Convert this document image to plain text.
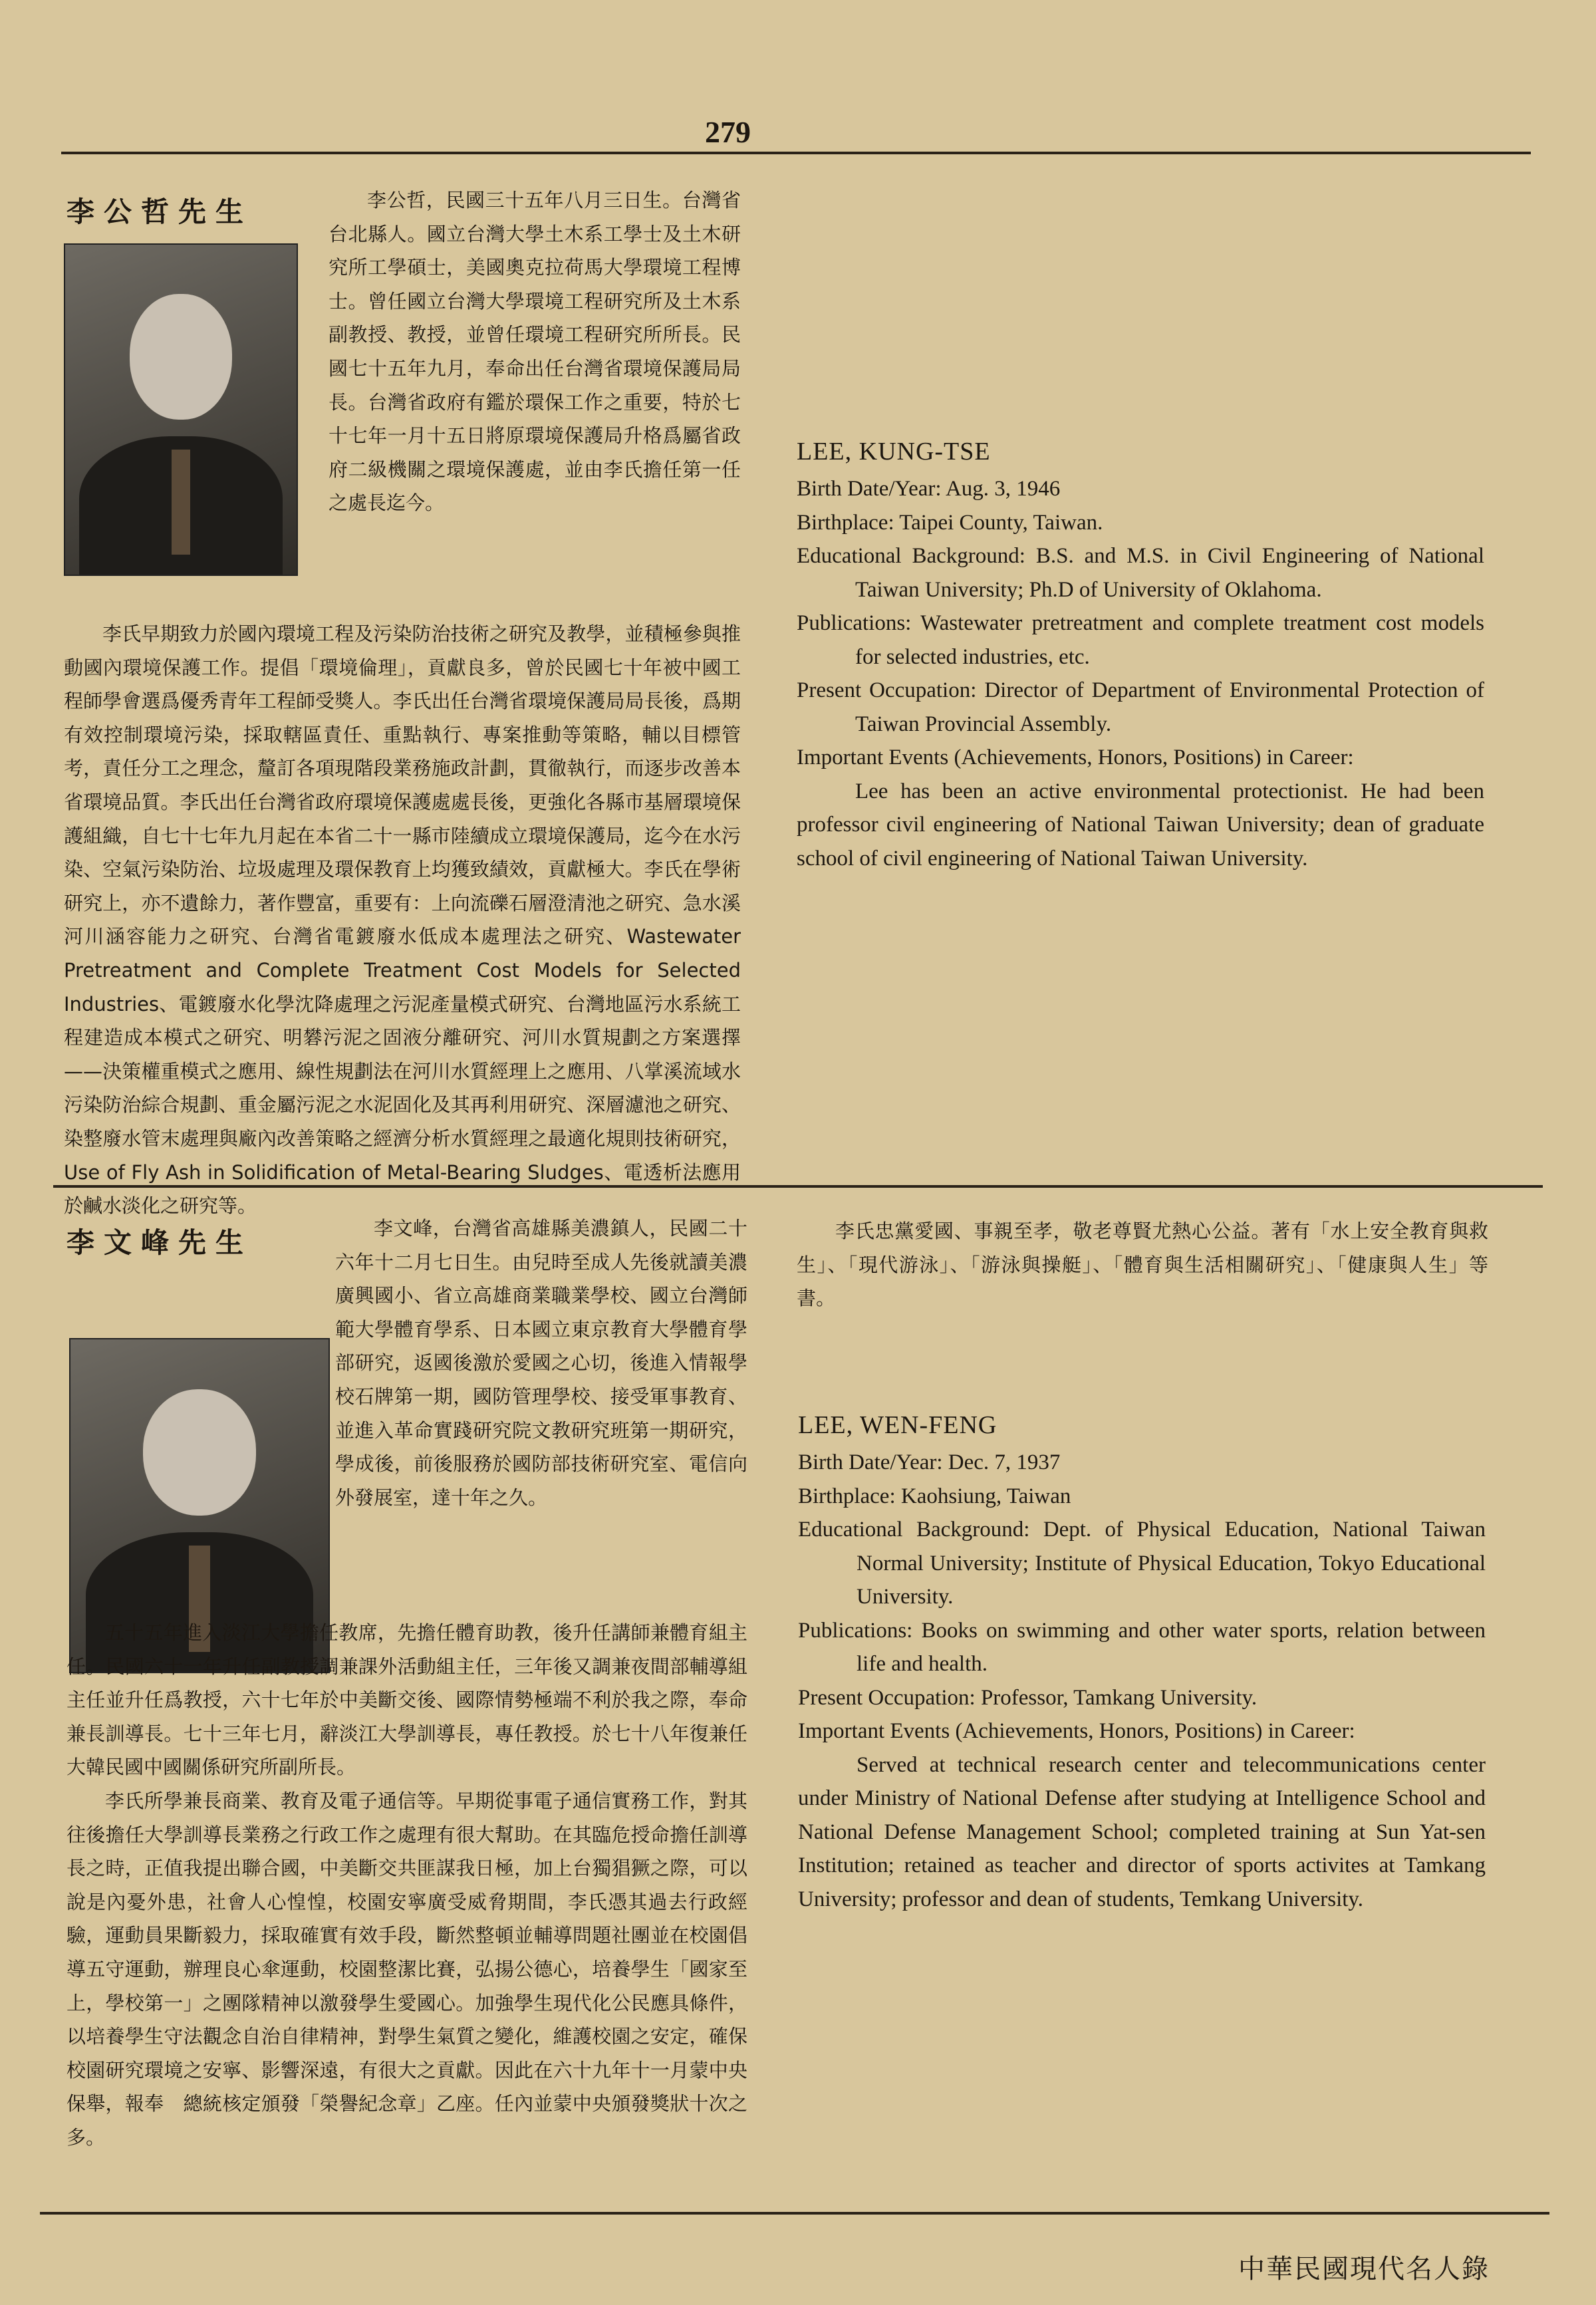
279
李公哲先生	李公哲，民國三十五年八月三日生。台灣省台北縣人。國立台灣大學土木系工學士及土木研究所工學碩士，美國奧克拉荷馬大學環境工程博士。曾任國立台灣大學環境工程研究所及土木系副教授、教授，並曾任環境工程研究所所長。民國七十五年九月，奉命出任台灣省環境保護局局長。台灣省政府有鑑於環保工作之重要，特於七十七年一月十五日將原環境保護局升格爲屬省政府二級機關之環境保護處，並由李氏擔任第一任之處長迄今。

李氏早期致力於國內環境工程及污染防治技術之研究及教學，並積極參與推動國內環境保護工作。提倡「環境倫理」，貢獻良多，曾於民國七十年被中國工程師學會選爲優秀青年工程師受獎人。李氏出任台灣省環境保護局局長後，爲期有效控制環境污染，採取轄區責任、重點執行、專案推動等策略，輔以目標管考，責任分工之理念，釐訂各項現階段業務施政計劃，貫徹執行，而逐步改善本省環境品質。李氏出任台灣省政府環境保護處處長後，更強化各縣市基層環境保護組織，自七十七年九月起在本省二十一縣市陸續成立環境保護局，迄今在水污染、空氣污染防治、垃圾處理及環保教育上均獲致績效，貢獻極大。李氏在學術研究上，亦不遺餘力，著作豐富，重要有：上向流礫石層澄清池之研究、急水溪河川涵容能力之研究、台灣省電鍍廢水低成本處理法之研究、Wastewater Pretreatment and Complete Treatment Cost Models for Selected Industries、電鍍廢水化學沈降處理之污泥產量模式研究、台灣地區污水系統工程建造成本模式之研究、明礬污泥之固液分離研究、河川水質規劃之方案選擇——決策權重模式之應用、線性規劃法在河川水質經理上之應用、八掌溪流域水污染防治綜合規劃、重金屬污泥之水泥固化及其再利用研究、深層濾池之研究、染整廢水管末處理與廠內改善策略之經濟分析水質經理之最適化規則技術研究，Use of Fly Ash in Solidification of Metal-Bearing Sludges、電透析法應用於鹹水淡化之研究等。

LEE, KUNG-TSE

Birth Date/Year: Aug. 3, 1946

Birthplace: Taipei County, Taiwan.

Educational Background: B.S. and M.S. in Civil Engineering of National Taiwan University; Ph.D of University of Oklahoma.

Publications: Wastewater pretreatment and complete treatment cost models for selected industries, etc.

Present Occupation: Director of Department of Environmental Protection of Taiwan Provincial Assembly.

Important Events (Achievements, Honors, Positions) in Career:

Lee has been an active environmental protectionist. He had been professor civil engineering of National Taiwan University; dean of graduate school of civil engineering of National Taiwan University.

李文峰先生	李文峰，台灣省高雄縣美濃鎮人，民國二十六年十二月七日生。由兒時至成人先後就讀美濃廣興國小、省立高雄商業職業學校、國立台灣師範大學體育學系、日本國立東京教育大學體育學部研究，返國後激於愛國之心切，後進入情報學校石牌第一期，國防管理學校、接受軍事教育、並進入革命實踐研究院文教研究班第一期研究，學成後，前後服務於國防部技術研究室、電信向外發展室，達十年之久。

五十五年進入淡江大學擔任教席，先擔任體育助教，後升任講師兼體育組主任。民國六十一年升任副教授調兼課外活動組主任，三年後又調兼夜間部輔導組主任並升任爲教授，六十七年於中美斷交後、國際情勢極端不利於我之際，奉命兼長訓導長。七十三年七月，辭淡江大學訓導長，專任教授。於七十八年復兼任大韓民國中國關係研究所副所長。

李氏所學兼長商業、教育及電子通信等。早期從事電子通信實務工作，對其往後擔任大學訓導長業務之行政工作之處理有很大幫助。在其臨危授命擔任訓導長之時，正值我提出聯合國，中美斷交共匪謀我日極，加上台獨猖獗之際，可以說是內憂外患，社會人心惶惶，校園安寧廣受威脅期間，李氏憑其過去行政經驗，運動員果斷毅力，採取確實有效手段，斷然整頓並輔導問題社團並在校園倡導五守運動，辦理良心傘運動，校園整潔比賽，弘揚公德心，培養學生「國家至上，學校第一」之團隊精神以激發學生愛國心。加強學生現代化公民應具條件，以培養學生守法觀念自治自律精神，對學生氣質之變化，維護校園之安定，確保校園研究環境之安寧、影響深遠，有很大之貢獻。因此在六十九年十一月蒙中央保舉，報奉　總統核定頒發「榮譽紀念章」乙座。任內並蒙中央頒發獎狀十次之多。

李氏忠黨愛國、事親至孝，敬老尊賢尤熱心公益。著有「水上安全教育與救生」、「現代游泳」、「游泳與操艇」、「體育與生活相關研究」、「健康與人生」等書。

LEE, WEN-FENG

Birth Date/Year: Dec. 7, 1937

Birthplace: Kaohsiung, Taiwan

Educational Background: Dept. of Physical Education, National Taiwan Normal University; Institute of Physical Education, Tokyo Educational University.

Publications: Books on swimming and other water sports, relation between life and health.

Present Occupation: Professor, Tamkang University.

Important Events (Achievements, Honors, Positions) in Career:

Served at technical research center and telecommunications center under Ministry of National Defense after studying at Intelligence School and National Defense Management School; completed training at Sun Yat-sen Institution; retained as teacher and director of sports activites at Tamkang University; professor and dean of students, Temkang University.

中華民國現代名人錄
